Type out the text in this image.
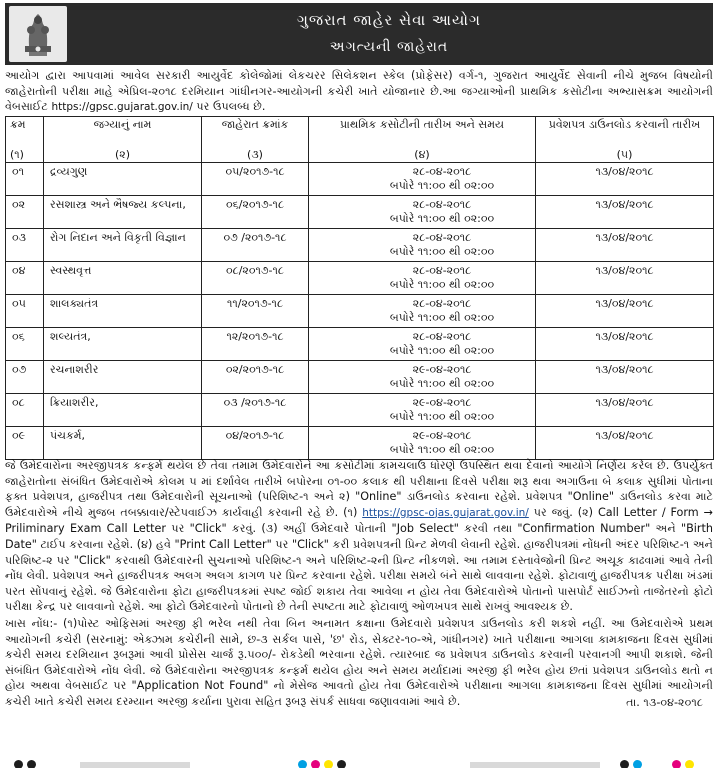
ગુજરાત જાહેર સેવા આયોગ
અગત્યની જાહેરાત
આયોગ દ્વારા આપવામાં આવેલ સરકારી આયુર્વેદ કોલેજોમાં લેકચરર સિલેકશન સ્કેલ (પ્રોફેસર) વર્ગ-૧, ગુજરાત આયુર્વેદ સેવાની નીચે મુજબ વિષયોની જાહેરાતોની પરીક્ષા માહે એપ્રિલ-૨૦૧૮ દરમિયાન ગાંધીનગર-આયોગની કચેરી ખાતે યોજાનાર છે.આ જગ્યાઓની પ્રાથમિક કસોટીના અભ્યાસક્રમ આયોગની વેબસાઈટ https://gpsc.gujarat.gov.in/ પર ઉપલબ્ધ છે.
ક્રમ	જગ્યાનું નામ	જાહેરાત ક્રમાંક	પ્રાથમિક કસોટીની તારીખ અને સમય	પ્રવેશપત્ર ડાઉનલોડ કરવાની તારીખ
(૧)	(૨)	(૩)	(૪)	(૫)
૦૧	દ્રવ્યગુણ	૦૫/૨૦૧૭-૧૮	૨૮-૦૪-૨૦૧૮
બપોરે ૧૧:૦૦ થી ૦૨:૦૦	૧૩/૦૪/૨૦૧૮
૦૨	રસશાસ્ત્ર અને ભૈષજ્ય કલ્પના,	૦૬/૨૦૧૭-૧૮	૨૮-૦૪-૨૦૧૮
બપોરે ૧૧:૦૦ થી ૦૨:૦૦	૧૩/૦૪/૨૦૧૮
૦૩	રોગ નિદાન અને વિકૃતી વિજ્ઞાન	૦૭ /૨૦૧૭-૧૮	૨૮-૦૪-૨૦૧૮
બપોરે ૧૧:૦૦ થી ૦૨:૦૦	૧૩/૦૪/૨૦૧૮
૦૪	સ્વસ્થવૃત્ત	૦૮/૨૦૧૭-૧૮	૨૮-૦૪-૨૦૧૮
બપોરે ૧૧:૦૦ થી ૦૨:૦૦	૧૩/૦૪/૨૦૧૮
૦૫	શાલક્યતંત્ર	૧૧/૨૦૧૭-૧૮	૨૮-૦૪-૨૦૧૮
બપોરે ૧૧:૦૦ થી ૦૨:૦૦	૧૩/૦૪/૨૦૧૮
૦૬	શલ્યતંત્ર,	૧૨/૨૦૧૭-૧૮	૨૮-૦૪-૨૦૧૮
બપોરે ૧૧:૦૦ થી ૦૨:૦૦	૧૩/૦૪/૨૦૧૮
૦૭	રચનાશરીર	૦૨/૨૦૧૭-૧૮	૨૯-૦૪-૨૦૧૮
બપોરે ૧૧:૦૦ થી ૦૨:૦૦	૧૩/૦૪/૨૦૧૮
૦૮	ક્રિયાશરીર,	૦૩ /૨૦૧૭-૧૮	૨૯-૦૪-૨૦૧૮
બપોરે ૧૧:૦૦ થી ૦૨:૦૦	૧૩/૦૪/૨૦૧૮
૦૯	પંચકર્મ,	૦૪/૨૦૧૭-૧૮	૨૯-૦૪-૨૦૧૮
બપોરે ૧૧:૦૦ થી ૦૨:૦૦	૧૩/૦૪/૨૦૧૮
જે ઉમેદવારોના અરજીપત્રક કન્ફર્મ થયેલ છે તેવા તમામ ઉમેદવારોને આ કસોટીમાં કામચલાઉ ધોરણે ઉપસ્થિત થવા દેવાનો આયોગે નિર્ણય કરેલ છે. ઉપર્યુક્ત જાહેરાતોના સંબંધિત ઉમેદવારોએ કોલમ ૫ માં દર્શાવેલ તારીખે બપોરના ૦૧-૦૦ કલાક થી પરીક્ષાના દિવસે પરીક્ષા શરૂ થવા અગાઉના બે કલાક સુધીમાં પોતાના ફક્ત પ્રવેશપત્ર, હાજરીપત્ર તથા ઉમેદવારોની સૂચનાઓ (પરિશિષ્ટ-૧ અને ૨) "Online" ડાઉનલોડ કરવાના રહેશે. પ્રવેશપત્ર "Online" ડાઉનલોડ કરવા માટે ઉમેદવારોએ નીચે મુજબ તબક્કાવાર/સ્ટેપવાઈઝ કાર્યવાહી કરવાની રહે છે. (૧) https://gpsc-ojas.gujarat.gov.in/ પર જવું. (૨) Call Letter / Form → Priliminary Exam Call Letter પર "Click" કરવું. (૩) અહીં ઉમેદવારે પોતાની "Job Select" કરવી તથા "Confirmation Number" અને "Birth Date" ટાઈપ કરવાના રહેશે. (૪) હવે "Print Call Letter" પર "Click" કરી પ્રવેશપત્રની પ્રિન્ટ મેળવી લેવાની રહેશે. હાજરીપત્રમાં નોંધની અંદર પરિશિષ્ટ-૧ અને પરિશિષ્ટ-૨ પર "Click" કરવાથી ઉમેદવારની સુચનાઓ પરિશિષ્ટ-૧ અને પરિશિષ્ટ-૨ની પ્રિન્ટ નીકળશે. આ તમામ દસ્તાવેજોની પ્રિન્ટ અચૂક કાઢવામાં આવે તેની નોંધ લેવી. પ્રવેશપત્ર અને હાજરીપત્રક અલગ અલગ કાગળ પર પ્રિન્ટ કરવાના રહેશે. પરીક્ષા સમયે બંને સાથે લાવવાના રહેશે. ફોટાવાળું હાજરીપત્રક પરીક્ષા ખંડમાં પરત સોંપવાનું રહેશે. જે ઉમેદવારોના ફોટા હાજરીપત્રકમાં સ્પષ્ટ જોઈ શકાય તેવા આવેલા ન હોય તેવા ઉમેદવારોએ પોતાનો પાસપોર્ટ સાઈઝનો તાજેતરનો ફોટો પરીક્ષા કેન્દ્ર પર લાવવાનો રહેશે. આ ફોટો ઉમેદવારનો પોતાનો છે તેની સ્પષ્ટતા માટે ફોટાવાળું ઓળખપત્ર સાથે રાખવું આવશ્યક છે.
ખાસ નોંધ:- (૧)પોસ્ટ ઓફિસમાં અરજી ફી ભરેલ નથી તેવા બિન અનામત કક્ષાના ઉમેદવારો પ્રવેશપત્ર ડાઉનલોડ કરી શકશે નહીં. આ ઉમેદવારોએ પ્રથમ આયોગની કચેરી (સરનામું: એક્ઝામ કચેરીની સામે, છ-૩ સર્કલ પાસે, 'છ' રોડ, સેક્ટર-૧૦-એ, ગાંધીનગર) ખાતે પરીક્ષાના આગલા કામકાજના દિવસ સુધીમાં કચેરી સમય દરમિયાન રૂબરૂમાં આવી પ્રોસેસ ચાર્જ રૂ.૫૦૦/- રોકડેથી ભરવાના રહેશે. ત્યારબાદ જ પ્રવેશપત્ર ડાઉનલોડ કરવાની પરવાનગી આપી શકાશે. જેની સંબંધિત ઉમેદવારોએ નોંધ લેવી. જે ઉમેદવારોના અરજીપત્રક કન્ફર્મ થયેલ હોય અને સમય મર્યાદામાં અરજી ફી ભરેલ હોય છતાં પ્રવેશપત્ર ડાઉનલોડ થતો ન હોય અથવા વેબસાઈટ પર "Application Not Found" નો મેસેજ આવતો હોય તેવા ઉમેદવારોએ પરીક્ષાના આગલા કામકાજના દિવસ સુધીમાં આયોગની કચેરી ખાતે કચેરી સમય દરમ્યાન અરજી કર્યાના પુરાવા સહિત રૂબરૂ સંપર્ક સાધવા જણાવવામાં આવે છે.	તા. ૧૩-૦૪-૨૦૧૮
